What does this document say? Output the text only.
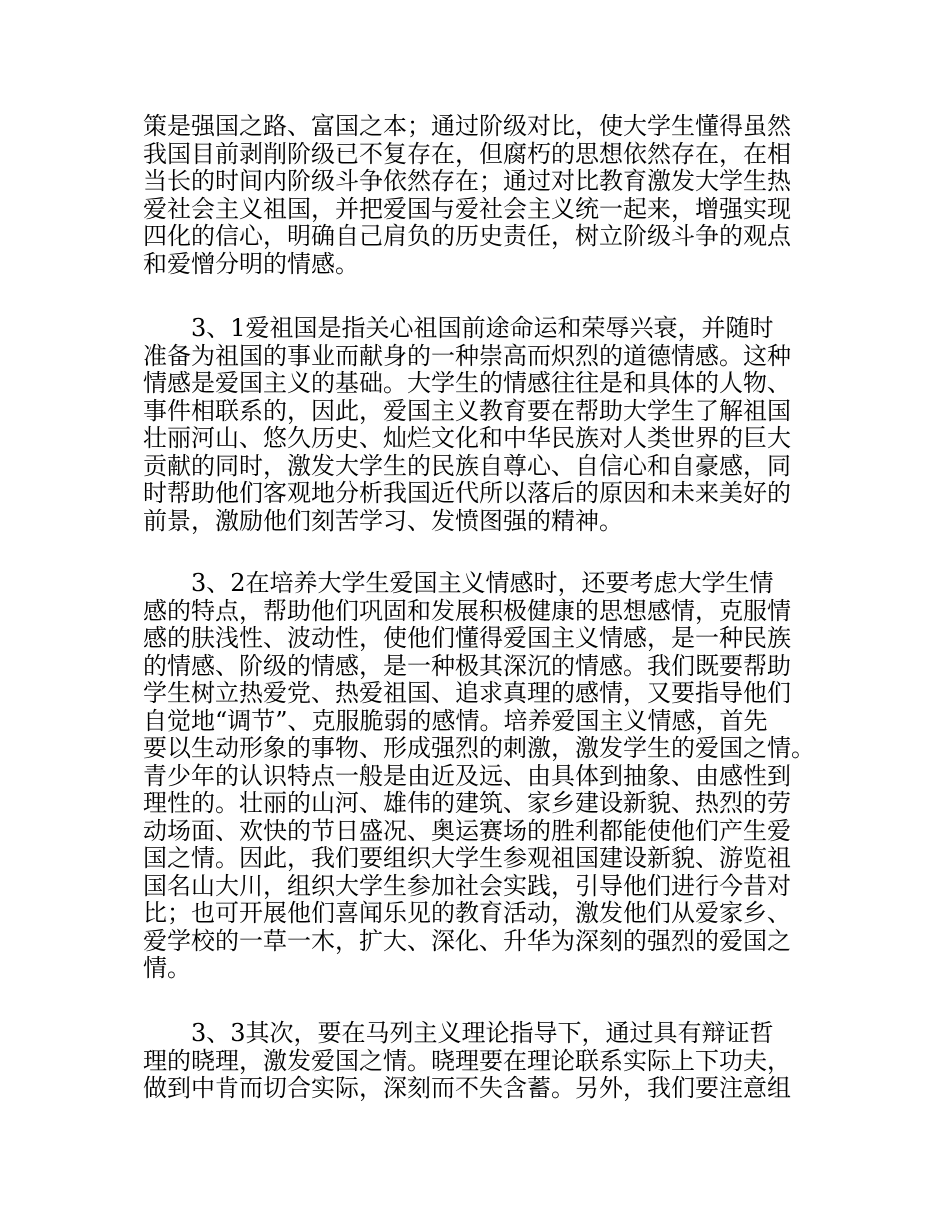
策是强国之路、富国之本；通过阶级对比，使大学生懂得虽然
我国目前剥削阶级已不复存在，但腐朽的思想依然存在，在相
当长的时间内阶级斗争依然存在；通过对比教育激发大学生热
爱社会主义祖国，并把爱国与爱社会主义统一起来，增强实现
四化的信心，明确自己肩负的历史责任，树立阶级斗争的观点
和爱憎分明的情感。

3、1爱祖国是指关心祖国前途命运和荣辱兴衰，并随时
准备为祖国的事业而献身的一种崇高而炽烈的道德情感。这种
情感是爱国主义的基础。大学生的情感往往是和具体的人物、
事件相联系的，因此，爱国主义教育要在帮助大学生了解祖国
壮丽河山、悠久历史、灿烂文化和中华民族对人类世界的巨大
贡献的同时，激发大学生的民族自尊心、自信心和自豪感，同
时帮助他们客观地分析我国近代所以落后的原因和未来美好的
前景，激励他们刻苦学习、发愤图强的精神。

3、2在培养大学生爱国主义情感时，还要考虑大学生情
感的特点，帮助他们巩固和发展积极健康的思想感情，克服情
感的肤浅性、波动性，使他们懂得爱国主义情感，是一种民族
的情感、阶级的情感，是一种极其深沉的情感。我们既要帮助
学生树立热爱党、热爱祖国、追求真理的感情，又要指导他们
自觉地“调节”、克服脆弱的感情。培养爱国主义情感，首先
要以生动形象的事物、形成强烈的刺激，激发学生的爱国之情。
青少年的认识特点一般是由近及远、由具体到抽象、由感性到
理性的。壮丽的山河、雄伟的建筑、家乡建设新貌、热烈的劳
动场面、欢快的节日盛况、奥运赛场的胜利都能使他们产生爱
国之情。因此，我们要组织大学生参观祖国建设新貌、游览祖
国名山大川，组织大学生参加社会实践，引导他们进行今昔对
比；也可开展他们喜闻乐见的教育活动，激发他们从爱家乡、
爱学校的一草一木，扩大、深化、升华为深刻的强烈的爱国之
情。

3、3其次，要在马列主义理论指导下，通过具有辩证哲
理的晓理，激发爱国之情。晓理要在理论联系实际上下功夫，
做到中肯而切合实际，深刻而不失含蓄。另外，我们要注意组
